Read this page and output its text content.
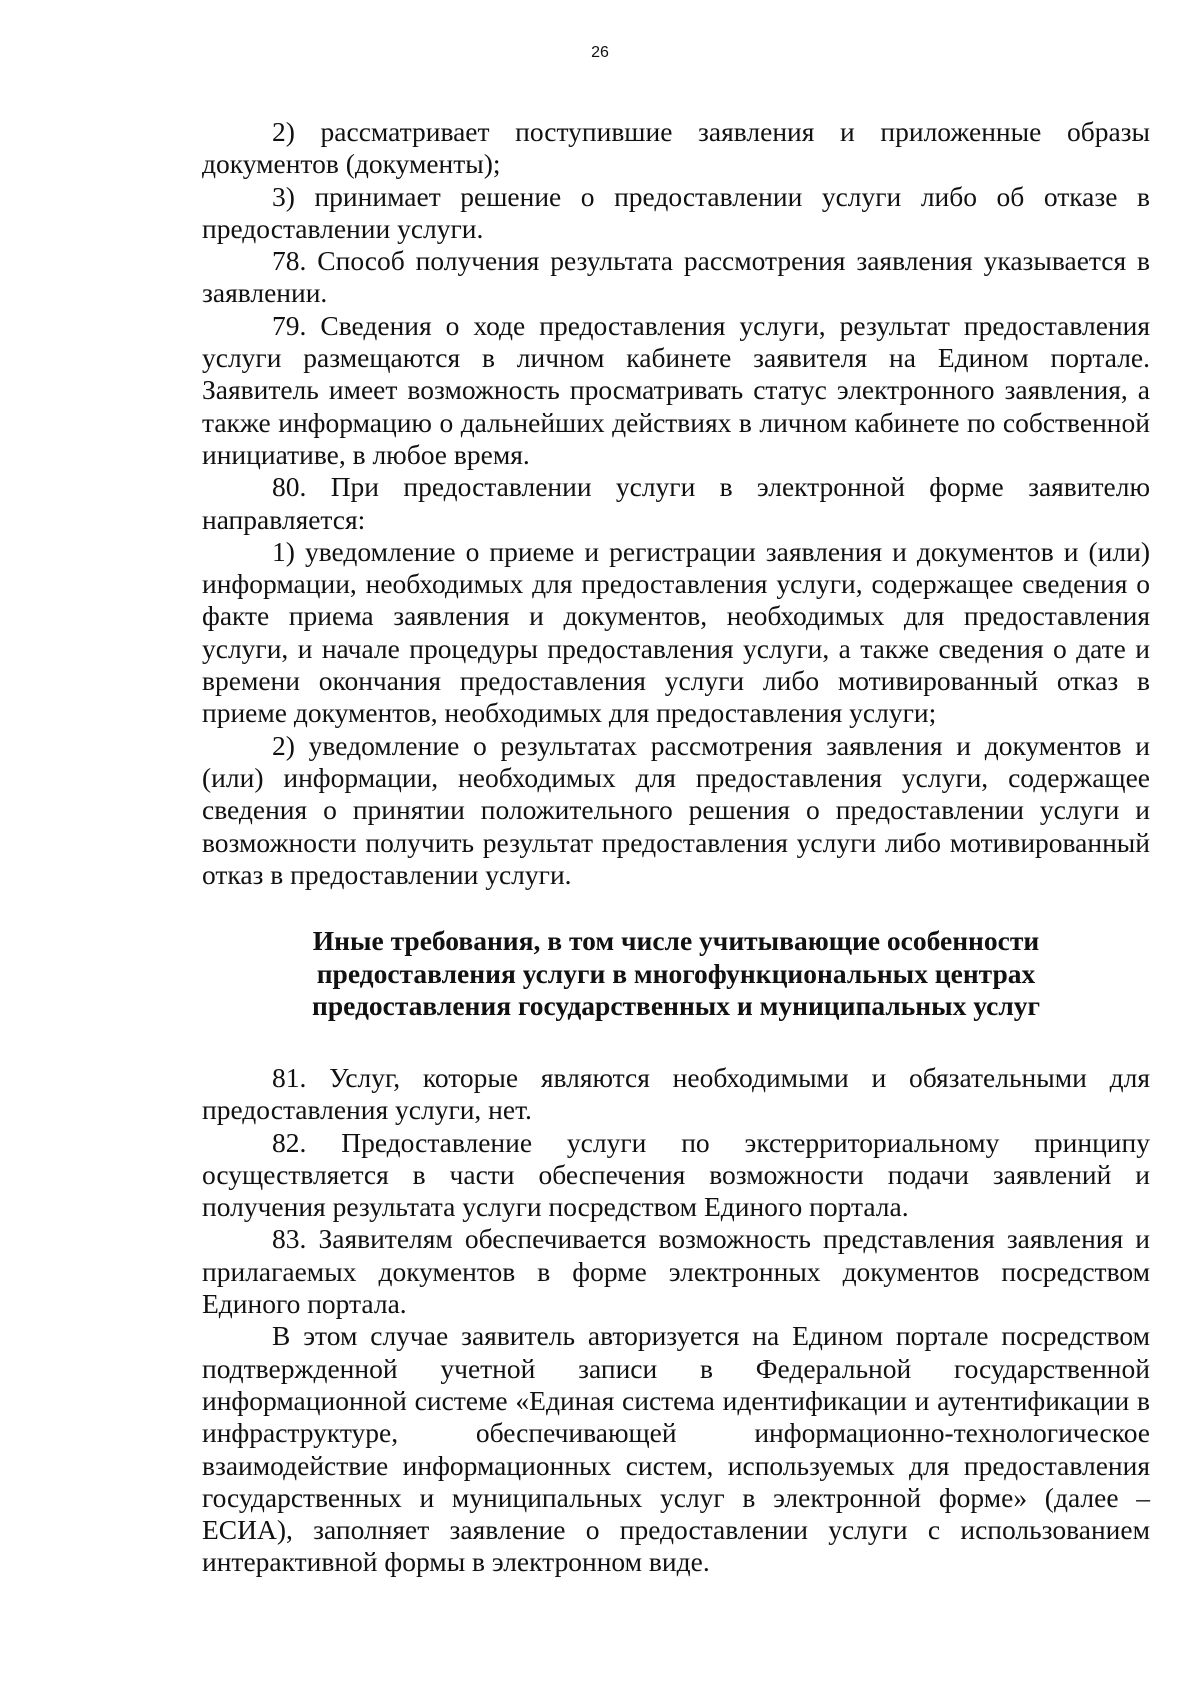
26

2) рассматривает поступившие заявления и приложенные образы документов (документы);

3) принимает решение о предоставлении услуги либо об отказе в предоставлении услуги.

78. Способ получения результата рассмотрения заявления указывается в заявлении.

79. Сведения о ходе предоставления услуги, результат предоставления услуги размещаются в личном кабинете заявителя на Едином портале. Заявитель имеет возможность просматривать статус электронного заявления, а также информацию о дальнейших действиях в личном кабинете по собственной инициативе, в любое время.

80. При предоставлении услуги в электронной форме заявителю направляется:

1) уведомление о приеме и регистрации заявления и документов и (или) информации, необходимых для предоставления услуги, содержащее сведения о факте приема заявления и документов, необходимых для предоставления услуги, и начале процедуры предоставления услуги, а также сведения о дате и времени окончания предоставления услуги либо мотивированный отказ в приеме документов, необходимых для предоставления услуги;

2) уведомление о результатах рассмотрения заявления и документов и (или) информации, необходимых для предоставления услуги, содержащее сведения о принятии положительного решения о предоставлении услуги и возможности получить результат предоставления услуги либо мотивированный отказ в предоставлении услуги.

Иные требования, в том числе учитывающие особенности
предоставления услуги в многофункциональных центрах
предоставления государственных и муниципальных услуг

81. Услуг, которые являются необходимыми и обязательными для предоставления услуги, нет.

82. Предоставление услуги по экстерриториальному принципу осуществляется в части обеспечения возможности подачи заявлений и получения результата услуги посредством Единого портала.

83. Заявителям обеспечивается возможность представления заявления и прилагаемых документов в форме электронных документов посредством Единого портала.

В этом случае заявитель авторизуется на Едином портале посредством подтвержденной учетной записи в Федеральной государственной информационной системе «Единая система идентификации и аутентификации в инфраструктуре, обеспечивающей информационно-технологическое взаимодействие информационных систем, используемых для предоставления государственных и муниципальных услуг в электронной форме» (далее – ЕСИА), заполняет заявление о предоставлении услуги с использованием интерактивной формы в электронном виде.
